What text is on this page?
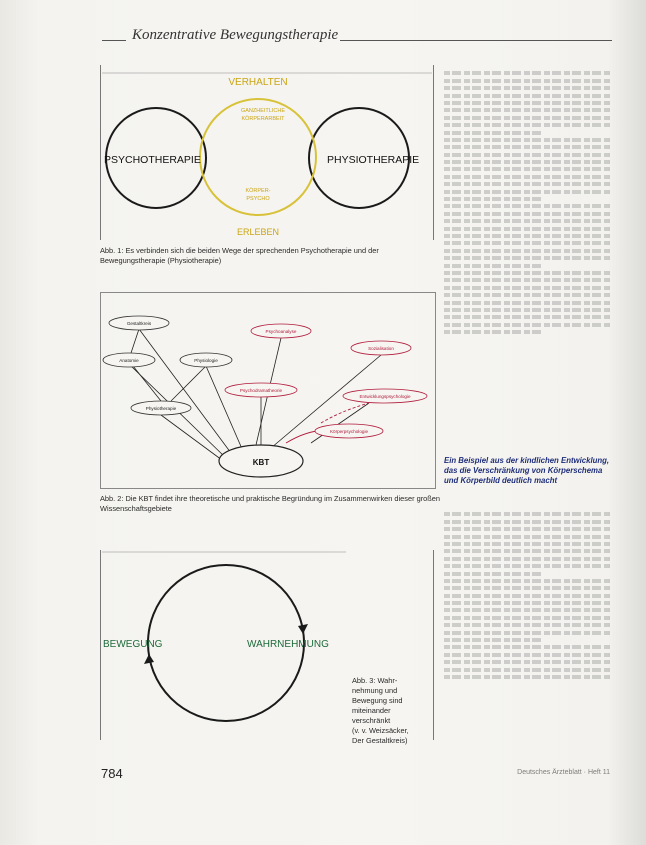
Konzentrative Bewegungstherapie
VERHALTEN
ERLEBEN
PSYCHOTHERAPIE	PHYSIOTHERAPIE
GANZHEITLICHE
KÖRPERARBEIT
KÖRPER-
PSYCHO
Abb. 1: Es verbinden sich die beiden Wege der sprechenden Psychotherapie und der Bewegungstherapie (Physiotherapie)
Gestaltkreis
Psychoanalyse
Sozialisation
Anatomie	Physiologie
Physiotherapie
Psychodramatheorie
Entwicklungspsychologie
Körperpsychologie
KBT
Abb. 2: Die KBT findet ihre theoretische und praktische Begründung im Zusammenwirken dieser großen Wissenschaftsgebiete
BEWEGUNG	WAHRNEHMUNG
Abb. 3: Wahr-
nehmung und
Bewegung sind
miteinander
verschränkt
(v. v. Weizsäcker,
Der Gestaltkreis)
Ein Beispiel aus der kindlichen Entwicklung, das die Verschränkung von Körperschema und Körperbild deutlich macht
784	Deutsches Ärzteblatt · Heft 11
